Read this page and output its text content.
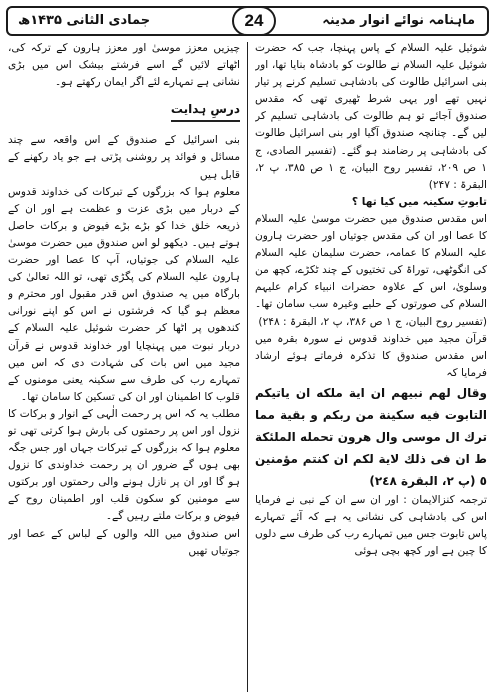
ماہنامہ نوائے انوار مدینہ
24
جمادی الثانی ۱۴۳۵ھ

شوئیل علیہ السلام کے پاس پہنچا، جب کہ حضرت شوئیل علیہ السلام نے طالوت کو بادشاہ بنایا تھا، اور بنی اسرائیل طالوت کی بادشاہی تسلیم کرنے پر تیار نہیں تھے اور یہی شرط ٹھیری تھی کہ مقدس صندوق آجائے تو ہم طالوت کی بادشاہی تسلیم کر لیں گے۔ چنانچہ صندوق آگیا اور بنی اسرائیل طالوت کی بادشاہی پر رضامند ہو گئے۔ (تفسیر الصادی، ج ۱ ص ۲۰۹، تفسیر روح البیان، ج ۱ ص ۳۸۵، پ ۲، البقرۃ : ۲۴۷)

تابوتِ سکینہ میں کیا تھا ؟

اس مقدس صندوق میں حضرت موسیٰ علیہ السلام کا عصا اور ان کی مقدس جوتیاں اور حضرت ہارون علیہ السلام کا عمامہ، حضرت سلیمان علیہ السلام کی انگوٹھی، توراۃ کی تختیوں کے چند ٹکڑے، کچھ من وسلویٰ، اس کے علاوہ حضرات انبیاء کرام علیہم السلام کی صورتوں کے حلیے وغیرہ سب سامان تھا۔ (تفسیر روح البیان، ج ۱ ص ۳۸۶، پ ۲، البقرۃ : ۲۴۸)

قرآن مجید میں خداوند قدوس نے سورہ بقرہ میں اس مقدس صندوق کا تذکرہ فرماتے ہوئے ارشاد فرمایا کہ

وقال لهم نبيهم ان اية ملكه ان ياتيكم التابوت فيه سكينة من ربكم و بقية مما ترك ال موسى وال هرون تحمله الملئكة ط ان فى ذلك لاية لكم ان كنتم مؤمنين ٥ (پ ٢، البقرة ٢٤٨)

ترجمہ کنزالایمان : اور ان سے ان کے نبی نے فرمایا اس کی بادشاہی کی نشانی یہ ہے کہ آئے تمہارے پاس تابوت جس میں تمہارے رب کی طرف سے دلوں کا چین ہے اور کچھ بچی ہوئی

چیزیں معزز موسیٰ اور معزز ہارون کے ترکہ کی، اٹھاتے لائیں گے اسے فرشتے بیشک اس میں بڑی نشانی ہے تمہارے لئے اگر ایمان رکھتے ہو۔

درسِ ہدایت

بنی اسرائیل کے صندوق کے اس واقعہ سے چند مسائل و فوائد پر روشنی پڑتی ہے جو یاد رکھنے کے قابل ہیں

معلوم ہوا کہ بزرگوں کے تبرکات کی خداوند قدوس کے دربار میں بڑی عزت و عظمت ہے اور ان کے ذریعہ خلق خدا کو بڑے بڑے فیوض و برکات حاصل ہوتے ہیں۔ دیکھو لو اس صندوق میں حضرت موسیٰ علیہ السلام کی جوتیاں، آپ کا عصا اور حضرت ہارون علیہ السلام کی پگڑی تھی، تو اللہ تعالیٰ کی بارگاہ میں یہ صندوق اس قدر مقبول اور محترم و معظم ہو گیا کہ فرشتوں نے اس کو اپنے نورانی کندھوں پر اٹھا کر حضرت شوئیل علیہ السلام کے دربار نبوت میں پہنچایا اور خداوند قدوس نے قرآن مجید میں اس بات کی شہادت دی کہ اس میں تمہارے رب کی طرف سے سکینہ یعنی مومنوں کے قلوب کا اطمینان اور ان کی تسکین کا سامان تھا۔

مطلب یہ کہ اس پر رحمت الٰہی کے انوار و برکات کا نزول اور اس پر رحمتوں کی بارش ہوا کرتی تھی تو معلوم ہوا کہ بزرگوں کے تبرکات جہاں اور جس جگہ بھی ہوں گے ضرور ان پر رحمت خداوندی کا نزول ہو گا اور ان پر نازل ہونے والی رحمتوں اور برکتوں سے مومنین کو سکون قلب اور اطمینان روح کے فیوض و برکات ملتے رہیں گے۔

اس صندوق میں اللہ والوں کے لباس کے عصا اور جوتیاں تھیں
